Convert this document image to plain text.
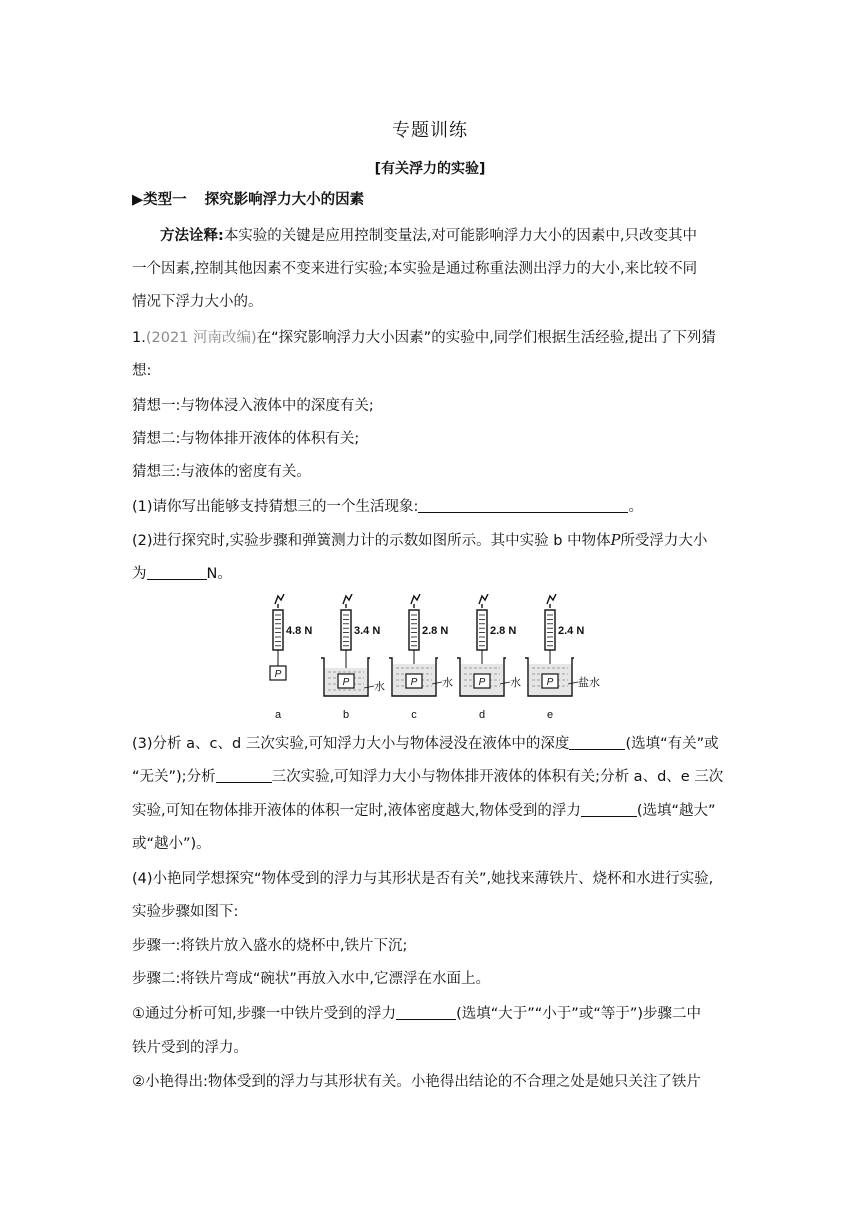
专题训练
[有关浮力的实验]
▶类型一 探究影响浮力大小的因素
方法诠释:本实验的关键是应用控制变量法,对可能影响浮力大小的因素中,只改变其中
一个因素,控制其他因素不变来进行实验;本实验是通过称重法测出浮力的大小,来比较不同
情况下浮力大小的。
1.(2021 河南改编)在“探究影响浮力大小因素”的实验中,同学们根据生活经验,提出了下列猜
想:
猜想一:与物体浸入液体中的深度有关;
猜想二:与物体排开液体的体积有关;
猜想三:与液体的密度有关。
(1)请你写出能够支持猜想三的一个生活现象:	。
(2)进行探究时,实验步骤和弹簧测力计的示数如图所示。其中实验 b 中物体P所受浮力大小
为	N。
4.8 N
P
a
3.4 N
水
P
b
2.8 N
水
P
c
2.8 N
水
P
d
2.4 N
盐水
P
e
(3)分析 a、c、d 三次实验,可知浮力大小与物体浸没在液体中的深度	(选填“有关”或
“无关”);分析	三次实验,可知浮力大小与物体排开液体的体积有关;分析 a、d、e 三次
实验,可知在物体排开液体的体积一定时,液体密度越大,物体受到的浮力	(选填“越大”
或“越小”)。
(4)小艳同学想探究“物体受到的浮力与其形状是否有关”,她找来薄铁片、烧杯和水进行实验,
实验步骤如图下:
步骤一:将铁片放入盛水的烧杯中,铁片下沉;
步骤二:将铁片弯成“碗状”再放入水中,它漂浮在水面上。
①通过分析可知,步骤一中铁片受到的浮力	(选填“大于”“小于”或“等于”)步骤二中
铁片受到的浮力。
②小艳得出:物体受到的浮力与其形状有关。小艳得出结论的不合理之处是她只关注了铁片
